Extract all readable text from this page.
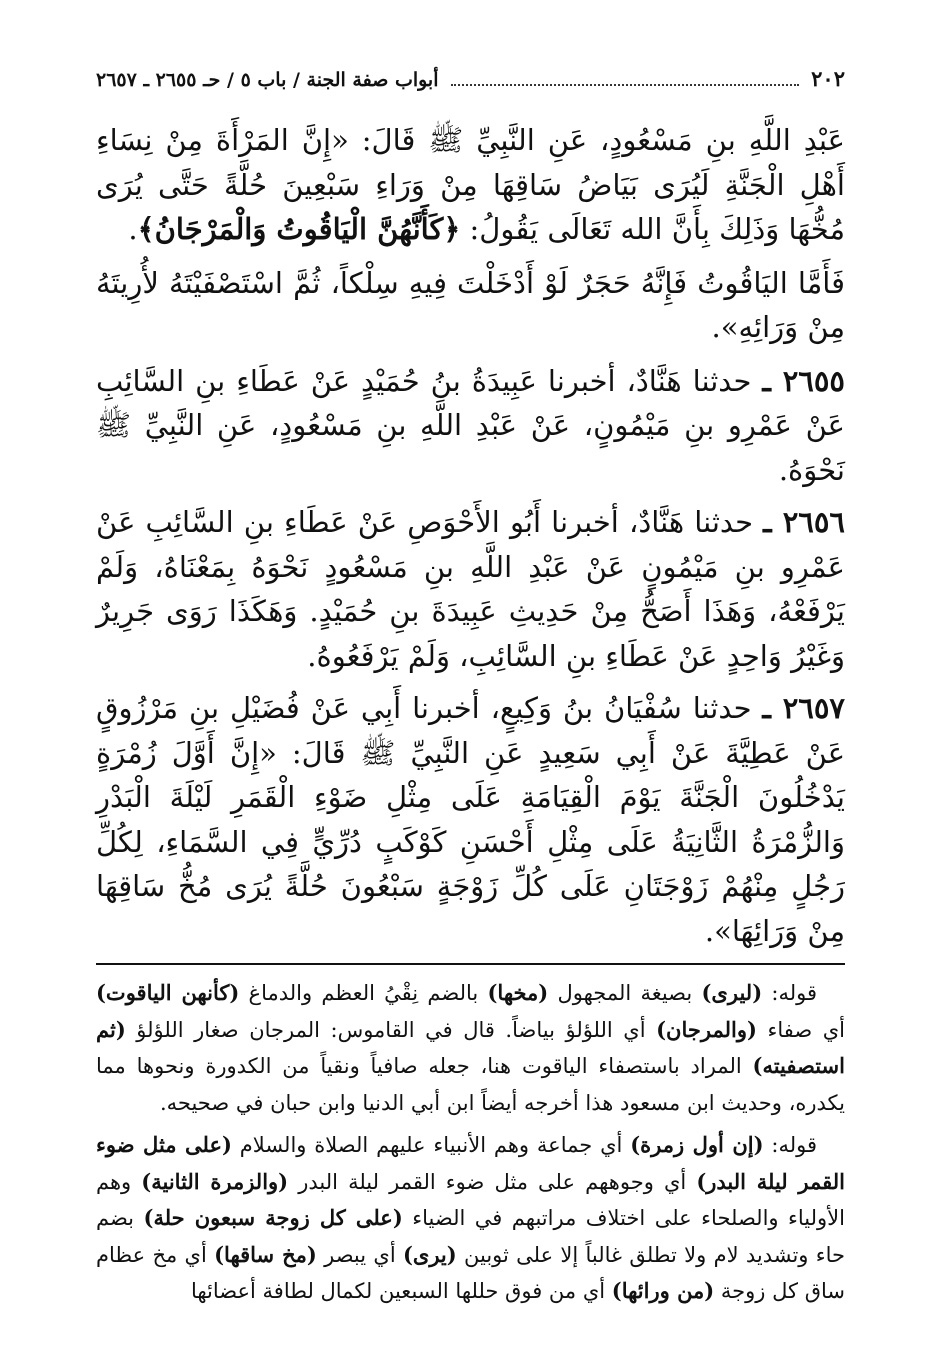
٢٠٢
أبواب صفة الجنة / باب ٥ / حـ ٢٦٥٥ ـ ٢٦٥٧

عَبْدِ اللَّهِ بنِ مَسْعُودٍ، عَنِ النَّبِيِّ ﷺ قَالَ: «إِنَّ المَرْأَةَ مِنْ نِسَاءِ أَهْلِ الْجَنَّةِ لَيُرَى بَيَاضُ سَاقِهَا مِنْ وَرَاءِ سَبْعِينَ حُلَّةً حَتَّى يُرَى مُخُّهَا وَذَلِكَ بِأَنَّ الله تَعَالَى يَقُولُ: ﴿كَأَنَّهُنَّ الْيَاقُوتُ وَالْمَرْجَانُ﴾.

فَأَمَّا اليَاقُوتُ فَإِنَّهُ حَجَرٌ لَوْ أَدْخَلْتَ فِيهِ سِلْكاً، ثُمَّ اسْتَصْفَيْتَهُ لأُرِيتَهُ مِنْ وَرَائِهِ».

٢٦٥٥ ـ حدثنا هَنَّادٌ، أخبرنا عَبِيدَةُ بنُ حُمَيْدٍ عَنْ عَطَاءِ بنِ السَّائِبِ عَنْ عَمْرِو بنِ مَيْمُونٍ، عَنْ عَبْدِ اللَّهِ بنِ مَسْعُودٍ، عَنِ النَّبِيِّ ﷺ نَحْوَهُ.

٢٦٥٦ ـ حدثنا هَنَّادٌ، أخبرنا أَبُو الأَحْوَصِ عَنْ عَطَاءِ بنِ السَّائِبِ عَنْ عَمْرِو بنِ مَيْمُونٍ عَنْ عَبْدِ اللَّهِ بنِ مَسْعُودٍ نَحْوَهُ بِمَعْنَاهُ، وَلَمْ يَرْفَعْهُ، وَهَذَا أَصَحُّ مِنْ حَدِيثِ عَبِيدَةَ بنِ حُمَيْدٍ. وَهَكَذَا رَوَى جَرِيرٌ وَغَيْرُ وَاحِدٍ عَنْ عَطَاءِ بنِ السَّائِبِ، وَلَمْ يَرْفَعُوهُ.

٢٦٥٧ ـ حدثنا سُفْيَانُ بنُ وَكِيعٍ، أخبرنا أَبِي عَنْ فُضَيْلِ بنِ مَرْزُوقٍ عَنْ عَطِيَّةَ عَنْ أَبِي سَعِيدٍ عَنِ النَّبِيِّ ﷺ قَالَ: «إِنَّ أَوَّلَ زُمْرَةٍ يَدْخُلُونَ الْجَنَّةَ يَوْمَ الْقِيَامَةِ عَلَى مِثْلِ ضَوْءِ الْقَمَرِ لَيْلَةَ الْبَدْرِ وَالزُّمْرَةُ الثَّانِيَةُ عَلَى مِثْلِ أَحْسَنِ كَوْكَبٍ دُرِّيٍّ فِي السَّمَاءِ، لِكُلِّ رَجُلٍ مِنْهُمْ زَوْجَتَانِ عَلَى كُلِّ زَوْجَةٍ سَبْعُونَ حُلَّةً يُرَى مُخُّ سَاقِهَا مِنْ وَرَائِهَا».

قوله: (ليرى) بصيغة المجهول (مخها) بالضم نِقْيُ العظم والدماغ (كأنهن الياقوت) أي صفاء (والمرجان) أي اللؤلؤ بياضاً. قال في القاموس: المرجان صغار اللؤلؤ (ثم استصفيته) المراد باستصفاء الياقوت هنا، جعله صافياً ونقياً من الكدورة ونحوها مما يكدره، وحديث ابن مسعود هذا أخرجه أيضاً ابن أبي الدنيا وابن حبان في صحيحه.

قوله: (إن أول زمرة) أي جماعة وهم الأنبياء عليهم الصلاة والسلام (على مثل ضوء القمر ليلة البدر) أي وجوههم على مثل ضوء القمر ليلة البدر (والزمرة الثانية) وهم الأولياء والصلحاء على اختلاف مراتبهم في الضياء (على كل زوجة سبعون حلة) بضم حاء وتشديد لام ولا تطلق غالباً إلا على ثوبين (يرى) أي يبصر (مخ ساقها) أي مخ عظام ساق كل زوجة (من ورائها) أي من فوق حللها السبعين لكمال لطافة أعضائها
